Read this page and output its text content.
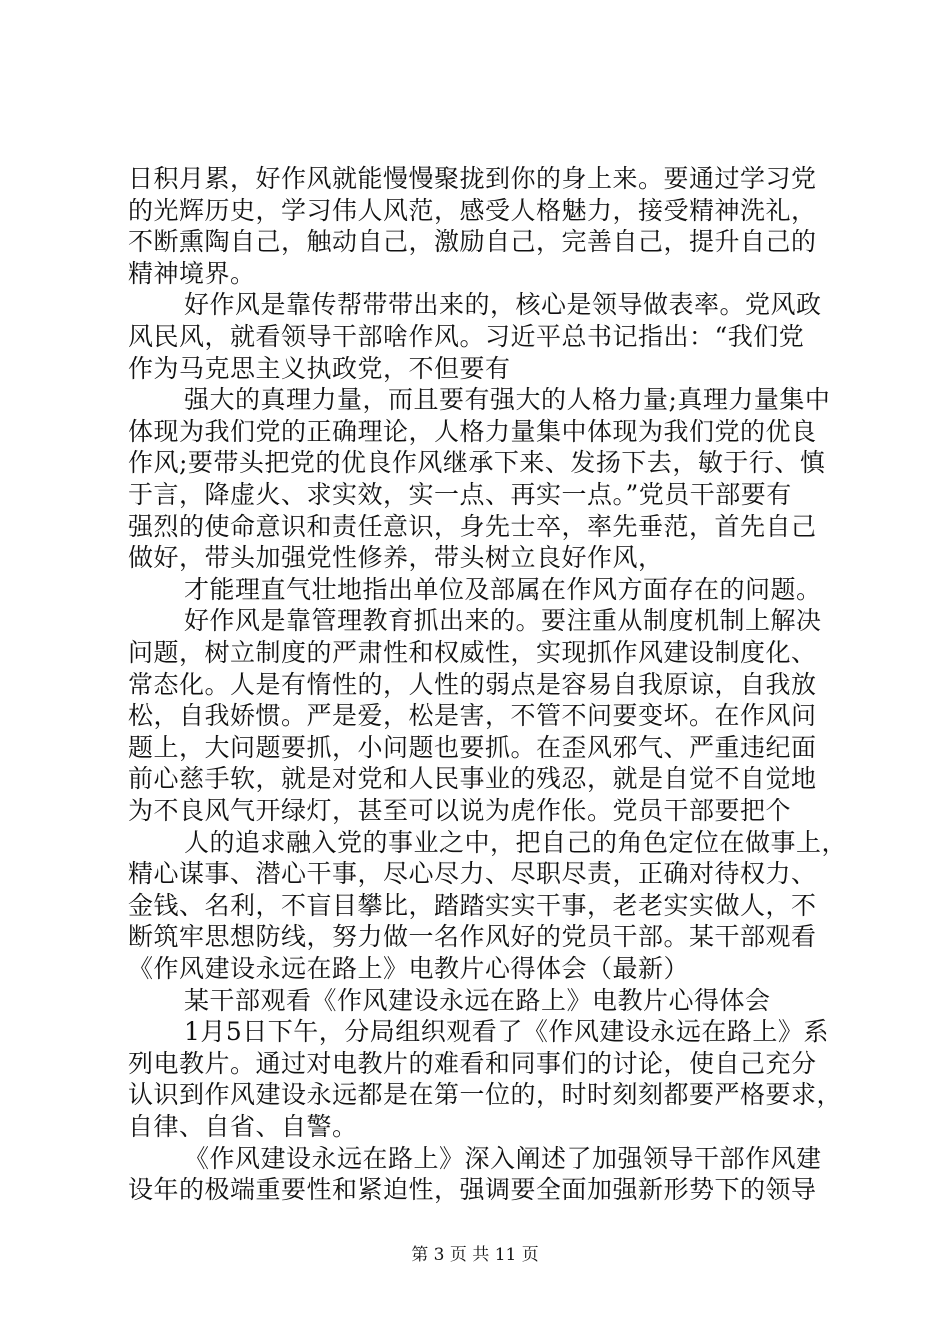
日积月累，好作风就能慢慢聚拢到你的身上来。要通过学习党
的光辉历史，学习伟人风范，感受人格魅力，接受精神洗礼，
不断熏陶自己，触动自己，激励自己，完善自己，提升自己的
精神境界。
好作风是靠传帮带带出来的，核心是领导做表率。党风政
风民风，就看领导干部啥作风。习近平总书记指出：“我们党
作为马克思主义执政党，不但要有
强大的真理力量，而且要有强大的人格力量;真理力量集中
体现为我们党的正确理论，人格力量集中体现为我们党的优良
作风;要带头把党的优良作风继承下来、发扬下去，敏于行、慎
于言，降虚火、求实效，实一点、再实一点。”党员干部要有
强烈的使命意识和责任意识，身先士卒，率先垂范，首先自己
做好，带头加强党性修养，带头树立良好作风，
才能理直气壮地指出单位及部属在作风方面存在的问题。
好作风是靠管理教育抓出来的。要注重从制度机制上解决
问题，树立制度的严肃性和权威性，实现抓作风建设制度化、
常态化。人是有惰性的，人性的弱点是容易自我原谅，自我放
松，自我娇惯。严是爱，松是害，不管不问要变坏。在作风问
题上，大问题要抓，小问题也要抓。在歪风邪气、严重违纪面
前心慈手软，就是对党和人民事业的残忍，就是自觉不自觉地
为不良风气开绿灯，甚至可以说为虎作伥。党员干部要把个
人的追求融入党的事业之中，把自己的角色定位在做事上，
精心谋事、潜心干事，尽心尽力、尽职尽责，正确对待权力、
金钱、名利，不盲目攀比，踏踏实实干事，老老实实做人，不
断筑牢思想防线，努力做一名作风好的党员干部。某干部观看
《作风建设永远在路上》电教片心得体会（最新）
某干部观看《作风建设永远在路上》电教片心得体会
1月5日下午，分局组织观看了《作风建设永远在路上》系
列电教片。通过对电教片的难看和同事们的讨论，使自己充分
认识到作风建设永远都是在第一位的，时时刻刻都要严格要求，
自律、自省、自警。
《作风建设永远在路上》深入阐述了加强领导干部作风建
设年的极端重要性和紧迫性，强调要全面加强新形势下的领导
第 3 页 共 11 页
